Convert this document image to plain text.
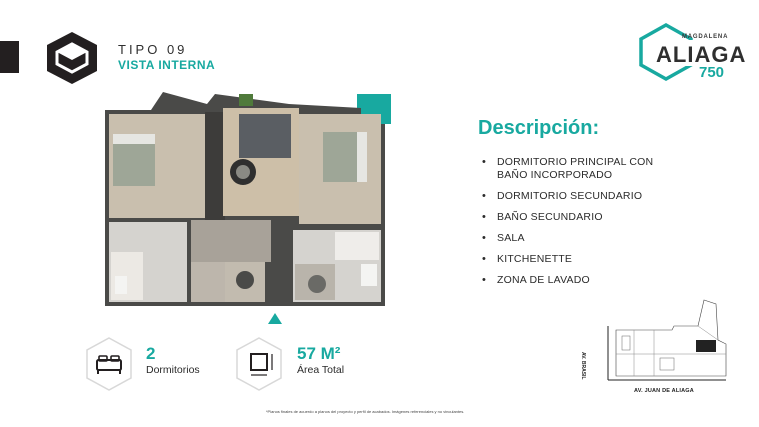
TIPO 09
VISTA INTERNA
MAGDALENA
ALIAGA
750
Descripción:
• DORMITORIO PRINCIPAL CON
BAÑO INCORPORADO
• DORMITORIO SECUNDARIO
• BAÑO SECUNDARIO
• SALA
• KITCHENETTE
• ZONA DE LAVADO
2
Dormitorios
57 M²
Área Total
AV. JUAN DE ALIAGA
AV. BRASIL
*Planos finales de acuerdo a planos del proyecto y perfil de acabados. Imágenes referenciales y no vinculantes.
